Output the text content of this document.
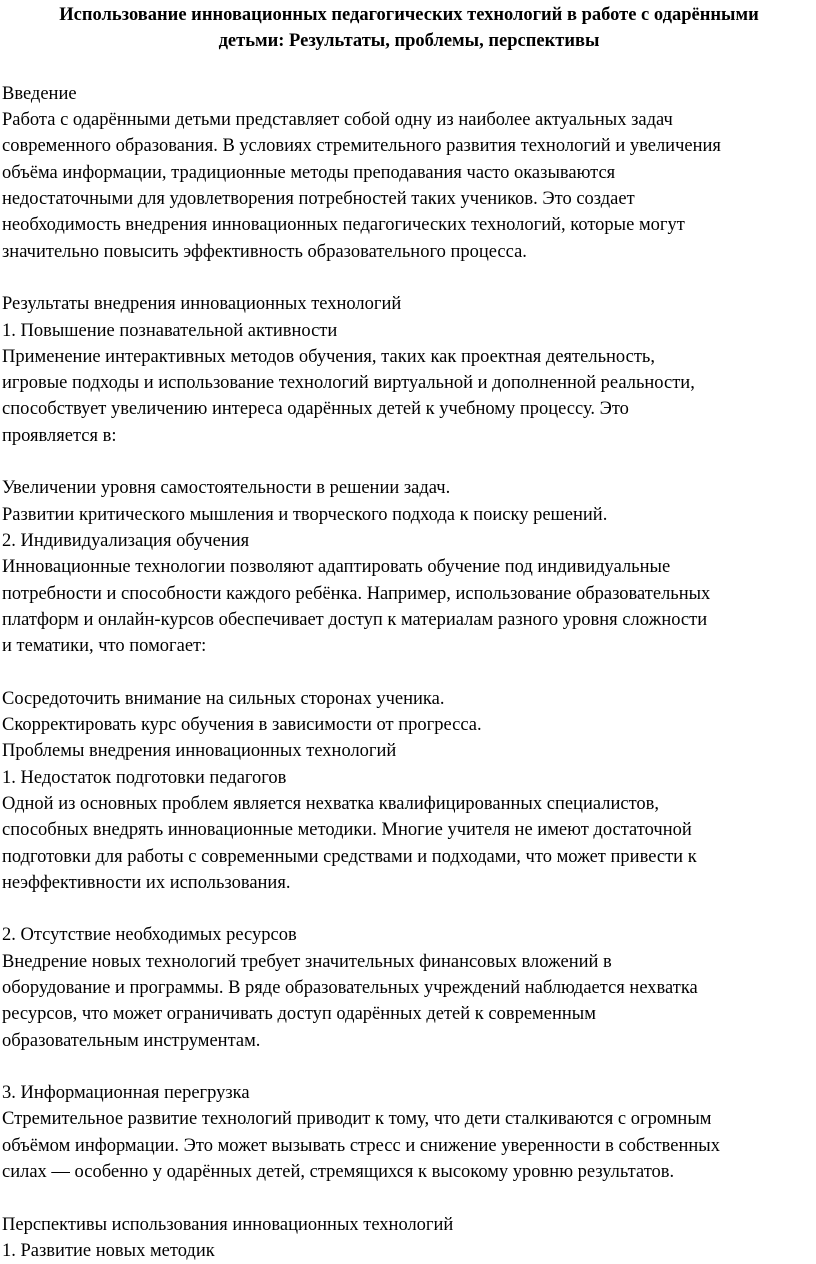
Использование инновационных педагогических технологий в работе с одарёнными

детьми: Результаты, проблемы, перспективы

Введение

Работа с одарёнными детьми представляет собой одну из наиболее актуальных задач

современного образования. В условиях стремительного развития технологий и увеличения

объёма информации, традиционные методы преподавания часто оказываются

недостаточными для удовлетворения потребностей таких учеников. Это создает

необходимость внедрения инновационных педагогических технологий, которые могут

значительно повысить эффективность образовательного процесса.

Результаты внедрения инновационных технологий

1. Повышение познавательной активности

Применение интерактивных методов обучения, таких как проектная деятельность,

игровые подходы и использование технологий виртуальной и дополненной реальности,

способствует увеличению интереса одарённых детей к учебному процессу. Это

проявляется в:

Увеличении уровня самостоятельности в решении задач.

Развитии критического мышления и творческого подхода к поиску решений.

2. Индивидуализация обучения

Инновационные технологии позволяют адаптировать обучение под индивидуальные

потребности и способности каждого ребёнка. Например, использование образовательных

платформ и онлайн-курсов обеспечивает доступ к материалам разного уровня сложности

и тематики, что помогает:

Сосредоточить внимание на сильных сторонах ученика.

Скорректировать курс обучения в зависимости от прогресса.

Проблемы внедрения инновационных технологий

1. Недостаток подготовки педагогов

Одной из основных проблем является нехватка квалифицированных специалистов,

способных внедрять инновационные методики. Многие учителя не имеют достаточной

подготовки для работы с современными средствами и подходами, что может привести к

неэффективности их использования.

2. Отсутствие необходимых ресурсов

Внедрение новых технологий требует значительных финансовых вложений в

оборудование и программы. В ряде образовательных учреждений наблюдается нехватка

ресурсов, что может ограничивать доступ одарённых детей к современным

образовательным инструментам.

3. Информационная перегрузка

Стремительное развитие технологий приводит к тому, что дети сталкиваются с огромным

объёмом информации. Это может вызывать стресс и снижение уверенности в собственных

силах — особенно у одарённых детей, стремящихся к высокому уровню результатов.

Перспективы использования инновационных технологий

1. Развитие новых методик
